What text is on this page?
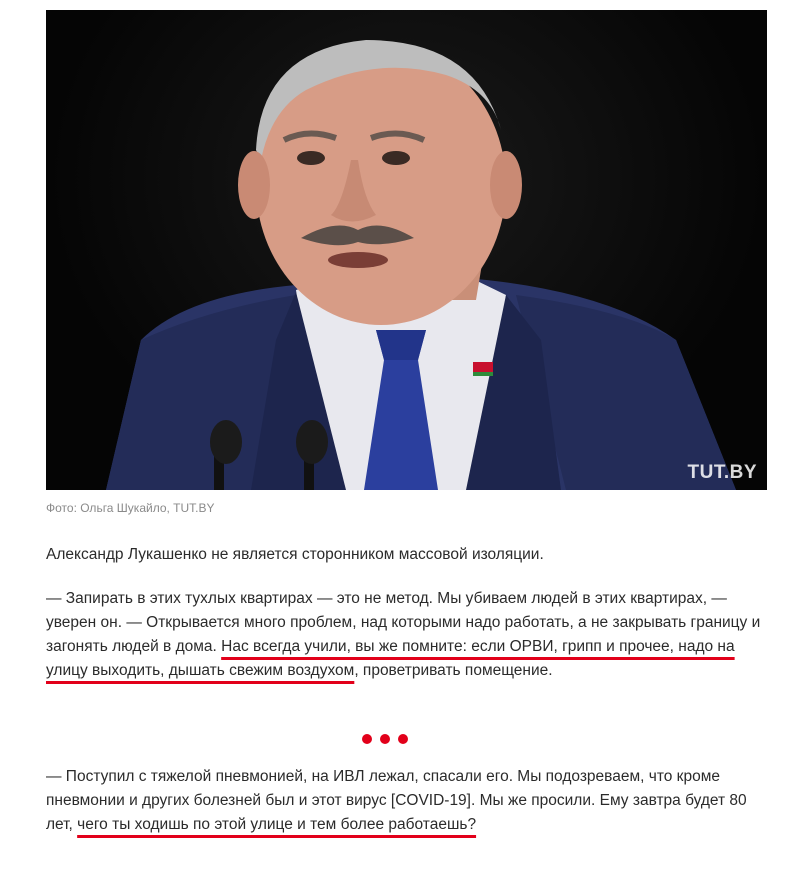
TUT.BY
Фото: Ольга Шукайло, TUT.BY

Александр Лукашенко не является сторонником массовой изоляции.

— Запирать в этих тухлых квартирах — это не метод. Мы убиваем людей в этих квартирах, — уверен он. — Открывается много проблем, над которыми надо работать, а не закрывать границу и загонять людей в дома. Нас всегда учили, вы же помните: если ОРВИ, грипп и прочее, надо на улицу выходить, дышать свежим воздухом, проветривать помещение.

— Поступил с тяжелой пневмонией, на ИВЛ лежал, спасали его. Мы подозреваем, что кроме пневмонии и других болезней был и этот вирус [COVID-19]. Мы же просили. Ему завтра будет 80 лет, чего ты ходишь по этой улице и тем более работаешь?
